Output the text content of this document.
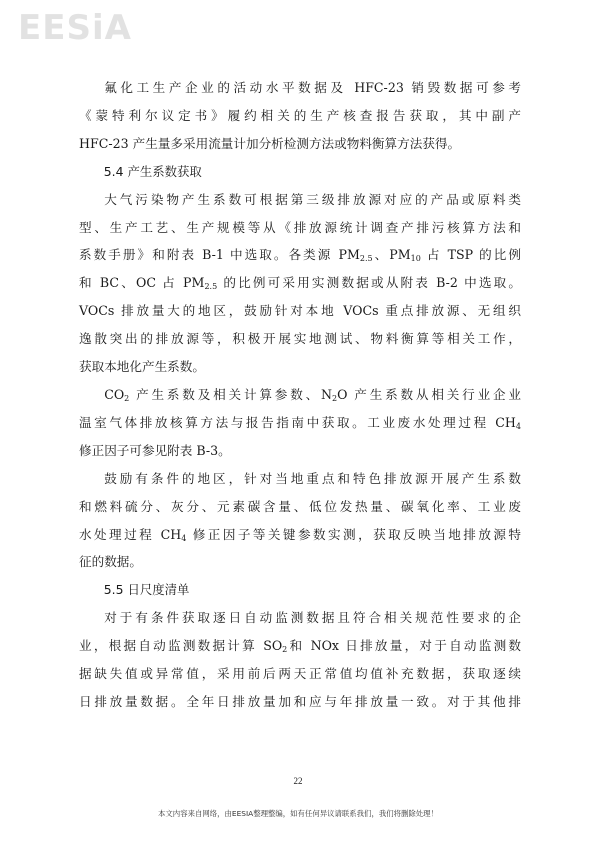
EESiA
氟化工生产企业的活动水平数据及 HFC-23 销毁数据可参考
《蒙特利尔议定书》履约相关的生产核查报告获取，其中副产
HFC-23 产生量多采用流量计加分析检测方法或物料衡算方法获得。
5.4 产生系数获取
大气污染物产生系数可根据第三级排放源对应的产品或原料类
型、生产工艺、生产规模等从《排放源统计调查产排污核算方法和
系数手册》和附表 B-1 中选取。各类源 $PM_{2.5}$、$PM_{10}$ 占 TSP 的比例
和 BC、OC 占 $PM_{2.5}$ 的比例可采用实测数据或从附表 B-2 中选取。
VOCs 排放量大的地区，鼓励针对本地 VOCs 重点排放源、无组织
逸散突出的排放源等，积极开展实地测试、物料衡算等相关工作，
获取本地化产生系数。
$CO_2$ 产生系数及相关计算参数、$N_2O$ 产生系数从相关行业企业
温室气体排放核算方法与报告指南中获取。工业废水处理过程 $CH_4$
修正因子可参见附表 B-3。
鼓励有条件的地区，针对当地重点和特色排放源开展产生系数
和燃料硫分、灰分、元素碳含量、低位发热量、碳氧化率、工业废
水处理过程 $CH_4$ 修正因子等关键参数实测，获取反映当地排放源特
征的数据。
5.5 日尺度清单
对于有条件获取逐日自动监测数据且符合相关规范性要求的企
业，根据自动监测数据计算 $SO_2$和 NOx 日排放量，对于自动监测数
据缺失值或异常值，采用前后两天正常值均值补充数据，获取逐续
日排放量数据。全年日排放量加和应与年排放量一致。对于其他排
22
本文内容来自网络，由EESIA整理整编，如有任何异议请联系我们，我们将删除处理！
